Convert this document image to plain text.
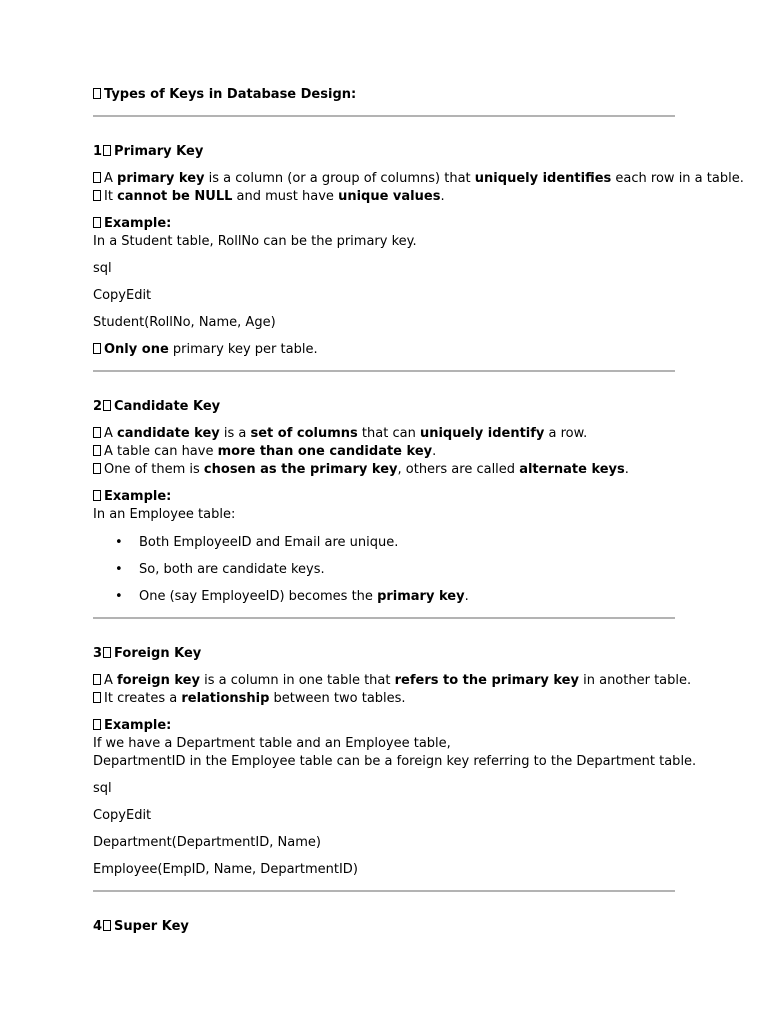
Types of Keys in Database Design:

1 Primary Key

A primary key is a column (or a group of columns) that uniquely identifies each row in a table.

It cannot be NULL and must have unique values.

Example:

In a Student table, RollNo can be the primary key.

sql

CopyEdit

Student(RollNo, Name, Age)

Only one primary key per table.

2 Candidate Key

A candidate key is a set of columns that can uniquely identify a row.

A table can have more than one candidate key.

One of them is chosen as the primary key, others are called alternate keys.

Example:

In an Employee table:

• Both EmployeeID and Email are unique.
• So, both are candidate keys.
• One (say EmployeeID) becomes the primary key.

3 Foreign Key

A foreign key is a column in one table that refers to the primary key in another table.

It creates a relationship between two tables.

Example:

If we have a Department table and an Employee table,

DepartmentID in the Employee table can be a foreign key referring to the Department table.

sql

CopyEdit

Department(DepartmentID, Name)

Employee(EmpID, Name, DepartmentID)

4 Super Key
